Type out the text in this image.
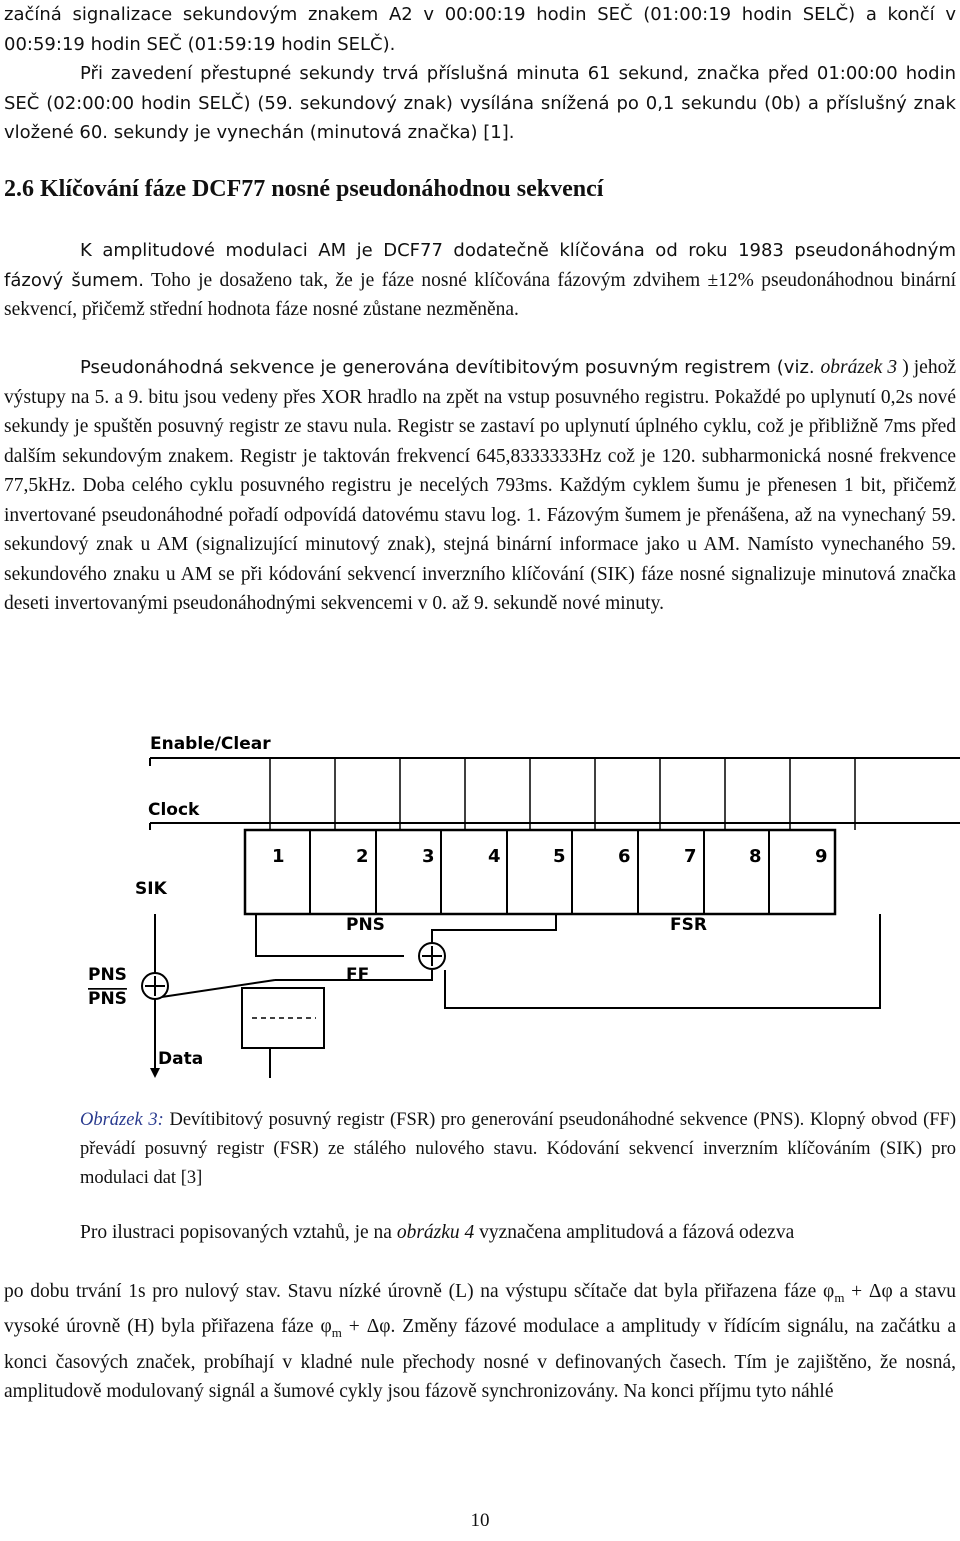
začíná signalizace sekundovým znakem A2 v 00:00:19 hodin SEČ (01:00:19 hodin SELČ) a končí v 00:59:19 hodin SEČ (01:59:19 hodin SELČ).

Při zavedení přestupné sekundy trvá příslušná minuta 61 sekund, značka před 01:00:00 hodin SEČ (02:00:00 hodin SELČ) (59. sekundový znak) vysílána snížená po 0,1 sekundu (0b) a příslušný znak vložené 60. sekundy je vynechán (minutová značka) [1].

2.6 Klíčování fáze DCF77 nosné pseudonáhodnou sekvencí

K amplitudové modulaci AM je DCF77 dodatečně klíčována od roku 1983 pseudonáhodným fázový šumem. Toho je dosaženo tak, že je fáze nosné klíčována fázovým zdvihem ±12% pseudonáhodnou binární sekvencí, přičemž střední hodnota fáze nosné zůstane nezměněna.

Pseudonáhodná sekvence je generována devítibitovým posuvným registrem (viz. obrázek 3 ) jehož výstupy na 5. a 9. bitu jsou vedeny přes XOR hradlo na zpět na vstup posuvného registru. Pokaždé po uplynutí 0,2s nové sekundy je spuštěn posuvný registr ze stavu nula. Registr se zastaví po uplynutí úplného cyklu, což je přibližně 7ms před dalším sekundovým znakem. Registr je taktován frekvencí 645,8333333Hz což je 120. subharmonická nosné frekvence 77,5kHz. Doba celého cyklu posuvného registru je necelých 793ms. Každým cyklem šumu je přenesen 1 bit, přičemž invertované pseudonáhodné pořadí odpovídá datovému stavu log. 1. Fázovým šumem je přenášena, až na vynechaný 59. sekundový znak u AM (signalizující minutový znak), stejná binární informace jako u AM. Namísto vynechaného 59. sekundového znaku u AM se při kódování sekvencí inverzního klíčování (SIK) fáze nosné signalizuje minutová značka deseti invertovanými pseudonáhodnými sekvencemi v 0. až 9. sekundě nové minuty.

Enable/Clear
Clock
1	2	3	4	5	6	7	8	9
SIK
PNS	FSR
PNS
PNS
FF
Data

Obrázek 3: Devítibitový posuvný registr (FSR) pro generování pseudonáhodné sekvence (PNS). Klopný obvod (FF) převádí posuvný registr (FSR) ze stálého nulového stavu. Kódování sekvencí inverzním klíčováním (SIK) pro modulaci dat [3]

Pro ilustraci popisovaných vztahů, je na obrázku 4 vyznačena amplitudová a fázová odezva

po dobu trvání 1s pro nulový stav. Stavu nízké úrovně (L) na výstupu sčítače dat byla přiřazena fáze $\varphi_m + \Delta\varphi$ a stavu vysoké úrovně (H) byla přiřazena fáze $\varphi_m + \Delta\varphi$. Změny fázové modulace a amplitudy v řídícím signálu, na začátku a konci časových značek, probíhají v kladné nule přechody nosné v definovaných časech. Tím je zajištěno, že nosná, amplitudově modulovaný signál a šumové cykly jsou fázově synchronizovány. Na konci příjmu tyto náhlé

10
